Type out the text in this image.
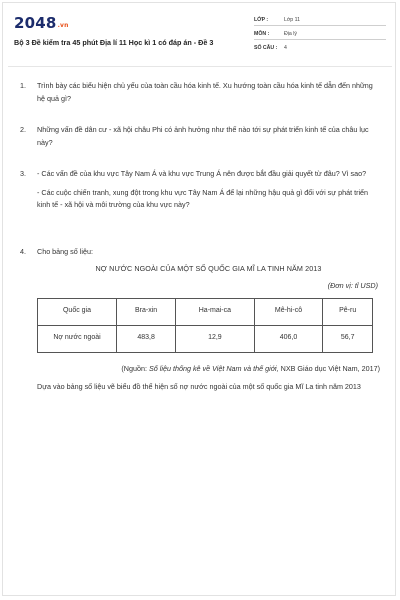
2048.vn
Bộ 3 Đề kiểm tra 45 phút Địa lí 11 Học kì 1 có đáp án - Đề 3
LỚP :	Lớp 11
MÔN :	Địa lý
SỐ CÂU :	4
1.	Trình bày các biểu hiện chủ yếu của toàn cầu hóa kinh tế. Xu hướng toàn cầu hóa kinh tế dẫn đến những hệ quả gì?

2.	Những vấn đề dân cư - xã hội châu Phi có ảnh hưởng như thế nào tới sự phát triển kinh tế của châu lục này?

3.	- Các vấn đề của khu vực Tây Nam Á và khu vực Trung Á nên được bắt đầu giải quyết từ đâu? Vì sao?

- Các cuộc chiến tranh, xung đột trong khu vực Tây Nam Á để lại những hậu quả gì đối với sự phát triển kinh tế - xã hội và môi trường của khu vực này?

4.	Cho bảng số liệu:
NỢ NƯỚC NGOÀI CỦA MỘT SỐ QUỐC GIA MĨ LA TINH NĂM 2013
(Đơn vị: tỉ USD)
Quốc gia	Bra-xin	Ha-mai-ca	Mê-hi-cô	Pê-ru
Nợ nước ngoài	483,8	12,9	406,0	56,7
(Nguồn: Số liệu thống kê về Việt Nam và thế giới, NXB Giáo dục Việt Nam, 2017)
Dựa vào bảng số liệu vẽ biểu đồ thể hiện số nợ nước ngoài của một số quốc gia Mĩ La tinh năm 2013
